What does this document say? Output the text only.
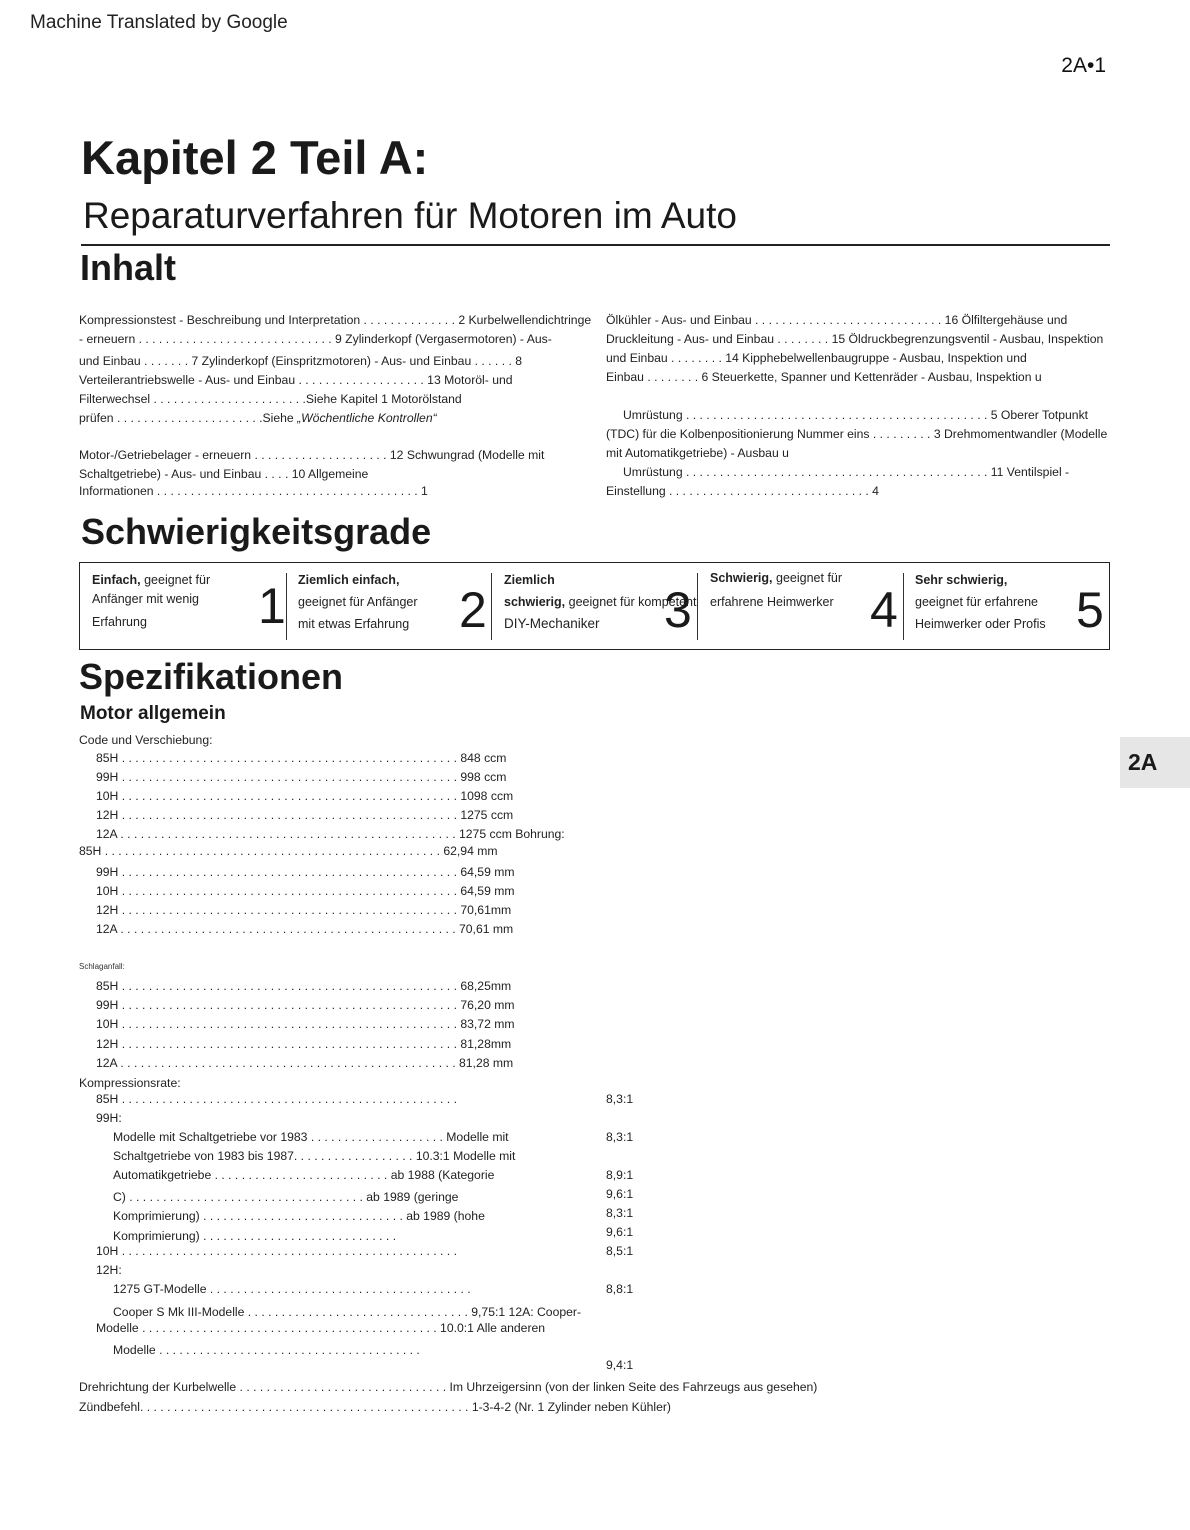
Machine Translated by Google
2A•1
Kapitel 2 Teil A:
Reparaturverfahren für Motoren im Auto
Inhalt
Kompressionstest - Beschreibung und Interpretation . . . . . . . . . . . . . . 2 Kurbelwellendichtringe
- erneuern . . . . . . . . . . . . . . . . . . . . . . . . . . . . . 9 Zylinderkopf (Vergasermotoren) - Aus-
und Einbau . . . . . . . 7 Zylinderkopf (Einspritzmotoren) - Aus- und Einbau . . . . . . 8
Verteilerantriebswelle - Aus- und Einbau . . . . . . . . . . . . . . . . . . . 13 Motoröl- und
Filterwechsel . . . . . . . . . . . . . . . . . . . . . . .Siehe Kapitel 1 Motorölstand
prüfen . . . . . . . . . . . . . . . . . . . . . .Siehe „Wöchentliche Kontrollen“
Motor-/Getriebelager - erneuern . . . . . . . . . . . . . . . . . . . . 12 Schwungrad (Modelle mit
Schaltgetriebe) - Aus- und Einbau . . . . 10 Allgemeine
Informationen . . . . . . . . . . . . . . . . . . . . . . . . . . . . . . . . . . . . . . . 1
Ölkühler - Aus- und Einbau . . . . . . . . . . . . . . . . . . . . . . . . . . . . 16 Ölfiltergehäuse und
Druckleitung - Aus- und Einbau . . . . . . . . 15 Öldruckbegrenzungsventil - Ausbau, Inspektion
und Einbau . . . . . . . . 14 Kipphebelwellenbaugruppe - Ausbau, Inspektion und
Einbau . . . . . . . . 6 Steuerkette, Spanner und Kettenräder - Ausbau, Inspektion u
Umrüstung . . . . . . . . . . . . . . . . . . . . . . . . . . . . . . . . . . . . . . . . . . . . . 5 Oberer Totpunkt
(TDC) für die Kolbenpositionierung Nummer eins . . . . . . . . . 3 Drehmomentwandler (Modelle
mit Automatikgetriebe) - Ausbau u
Umrüstung . . . . . . . . . . . . . . . . . . . . . . . . . . . . . . . . . . . . . . . . . . . . . 11 Ventilspiel -
Einstellung . . . . . . . . . . . . . . . . . . . . . . . . . . . . . . 4
Schwierigkeitsgrade
Einfach, geeignet für
Anfänger mit wenig
Erfahrung	1 Ziemlich einfach,
geeignet für Anfänger
mit etwas Erfahrung 2
Ziemlich
schwierig, geeignet für kompetent
DIY-Mechaniker	3
Schwierig, geeignet für
erfahrene Heimwerker 4
Sehr schwierig,
geeignet für erfahrene
Heimwerker oder Profis 5
Spezifikationen
Motor allgemein
2A
Code und Verschiebung:
85H . . . . . . . . . . . . . . . . . . . . . . . . . . . . . . . . . . . . . . . . . . . . . . . . . . 848 ccm
99H . . . . . . . . . . . . . . . . . . . . . . . . . . . . . . . . . . . . . . . . . . . . . . . . . . 998 ccm
10H . . . . . . . . . . . . . . . . . . . . . . . . . . . . . . . . . . . . . . . . . . . . . . . . . . 1098 ccm
12H . . . . . . . . . . . . . . . . . . . . . . . . . . . . . . . . . . . . . . . . . . . . . . . . . . 1275 ccm
12A . . . . . . . . . . . . . . . . . . . . . . . . . . . . . . . . . . . . . . . . . . . . . . . . . . 1275 ccm Bohrung:
85H . . . . . . . . . . . . . . . . . . . . . . . . . . . . . . . . . . . . . . . . . . . . . . . . . . 62,94 mm
99H . . . . . . . . . . . . . . . . . . . . . . . . . . . . . . . . . . . . . . . . . . . . . . . . . . 64,59 mm
10H . . . . . . . . . . . . . . . . . . . . . . . . . . . . . . . . . . . . . . . . . . . . . . . . . . 64,59 mm
12H . . . . . . . . . . . . . . . . . . . . . . . . . . . . . . . . . . . . . . . . . . . . . . . . . . 70,61mm
12A . . . . . . . . . . . . . . . . . . . . . . . . . . . . . . . . . . . . . . . . . . . . . . . . . . 70,61 mm
Schlaganfall:
85H . . . . . . . . . . . . . . . . . . . . . . . . . . . . . . . . . . . . . . . . . . . . . . . . . . 68,25mm
99H . . . . . . . . . . . . . . . . . . . . . . . . . . . . . . . . . . . . . . . . . . . . . . . . . . 76,20 mm
10H . . . . . . . . . . . . . . . . . . . . . . . . . . . . . . . . . . . . . . . . . . . . . . . . . . 83,72 mm
12H . . . . . . . . . . . . . . . . . . . . . . . . . . . . . . . . . . . . . . . . . . . . . . . . . . 81,28mm
12A . . . . . . . . . . . . . . . . . . . . . . . . . . . . . . . . . . . . . . . . . . . . . . . . . . 81,28 mm
Kompressionsrate:
85H . . . . . . . . . . . . . . . . . . . . . . . . . . . . . . . . . . . . . . . . . . . . . . . . . .
99H:
Modelle mit Schaltgetriebe vor 1983 . . . . . . . . . . . . . . . . . . . . Modelle mit
Schaltgetriebe von 1983 bis 1987. . . . . . . . . . . . . . . . . . 10.3:1 Modelle mit
Automatikgetriebe . . . . . . . . . . . . . . . . . . . . . . . . . . ab 1988 (Kategorie
C) . . . . . . . . . . . . . . . . . . . . . . . . . . . . . . . . . . . ab 1989 (geringe
Komprimierung) . . . . . . . . . . . . . . . . . . . . . . . . . . . . . . ab 1989 (hohe
Komprimierung) . . . . . . . . . . . . . . . . . . . . . . . . . . . . .
10H . . . . . . . . . . . . . . . . . . . . . . . . . . . . . . . . . . . . . . . . . . . . . . . . . .
12H:
1275 GT-Modelle . . . . . . . . . . . . . . . . . . . . . . . . . . . . . . . . . . . . . . .
Cooper S Mk III-Modelle . . . . . . . . . . . . . . . . . . . . . . . . . . . . . . . . . 9,75:1 12A: Cooper-
Modelle . . . . . . . . . . . . . . . . . . . . . . . . . . . . . . . . . . . . . . . . . . . . 10.0:1 Alle anderen
Modelle . . . . . . . . . . . . . . . . . . . . . . . . . . . . . . . . . . . . . . .
8,3:1
8,3:1
8,9:1
9,6:1
8,3:1
9,6:1
8,5:1
8,8:1
9,4:1
Drehrichtung der Kurbelwelle . . . . . . . . . . . . . . . . . . . . . . . . . . . . . . . Im Uhrzeigersinn (von der linken Seite des Fahrzeugs aus gesehen)
Zündbefehl. . . . . . . . . . . . . . . . . . . . . . . . . . . . . . . . . . . . . . . . . . . . . . . . . 1-3-4-2 (Nr. 1 Zylinder neben Kühler)
